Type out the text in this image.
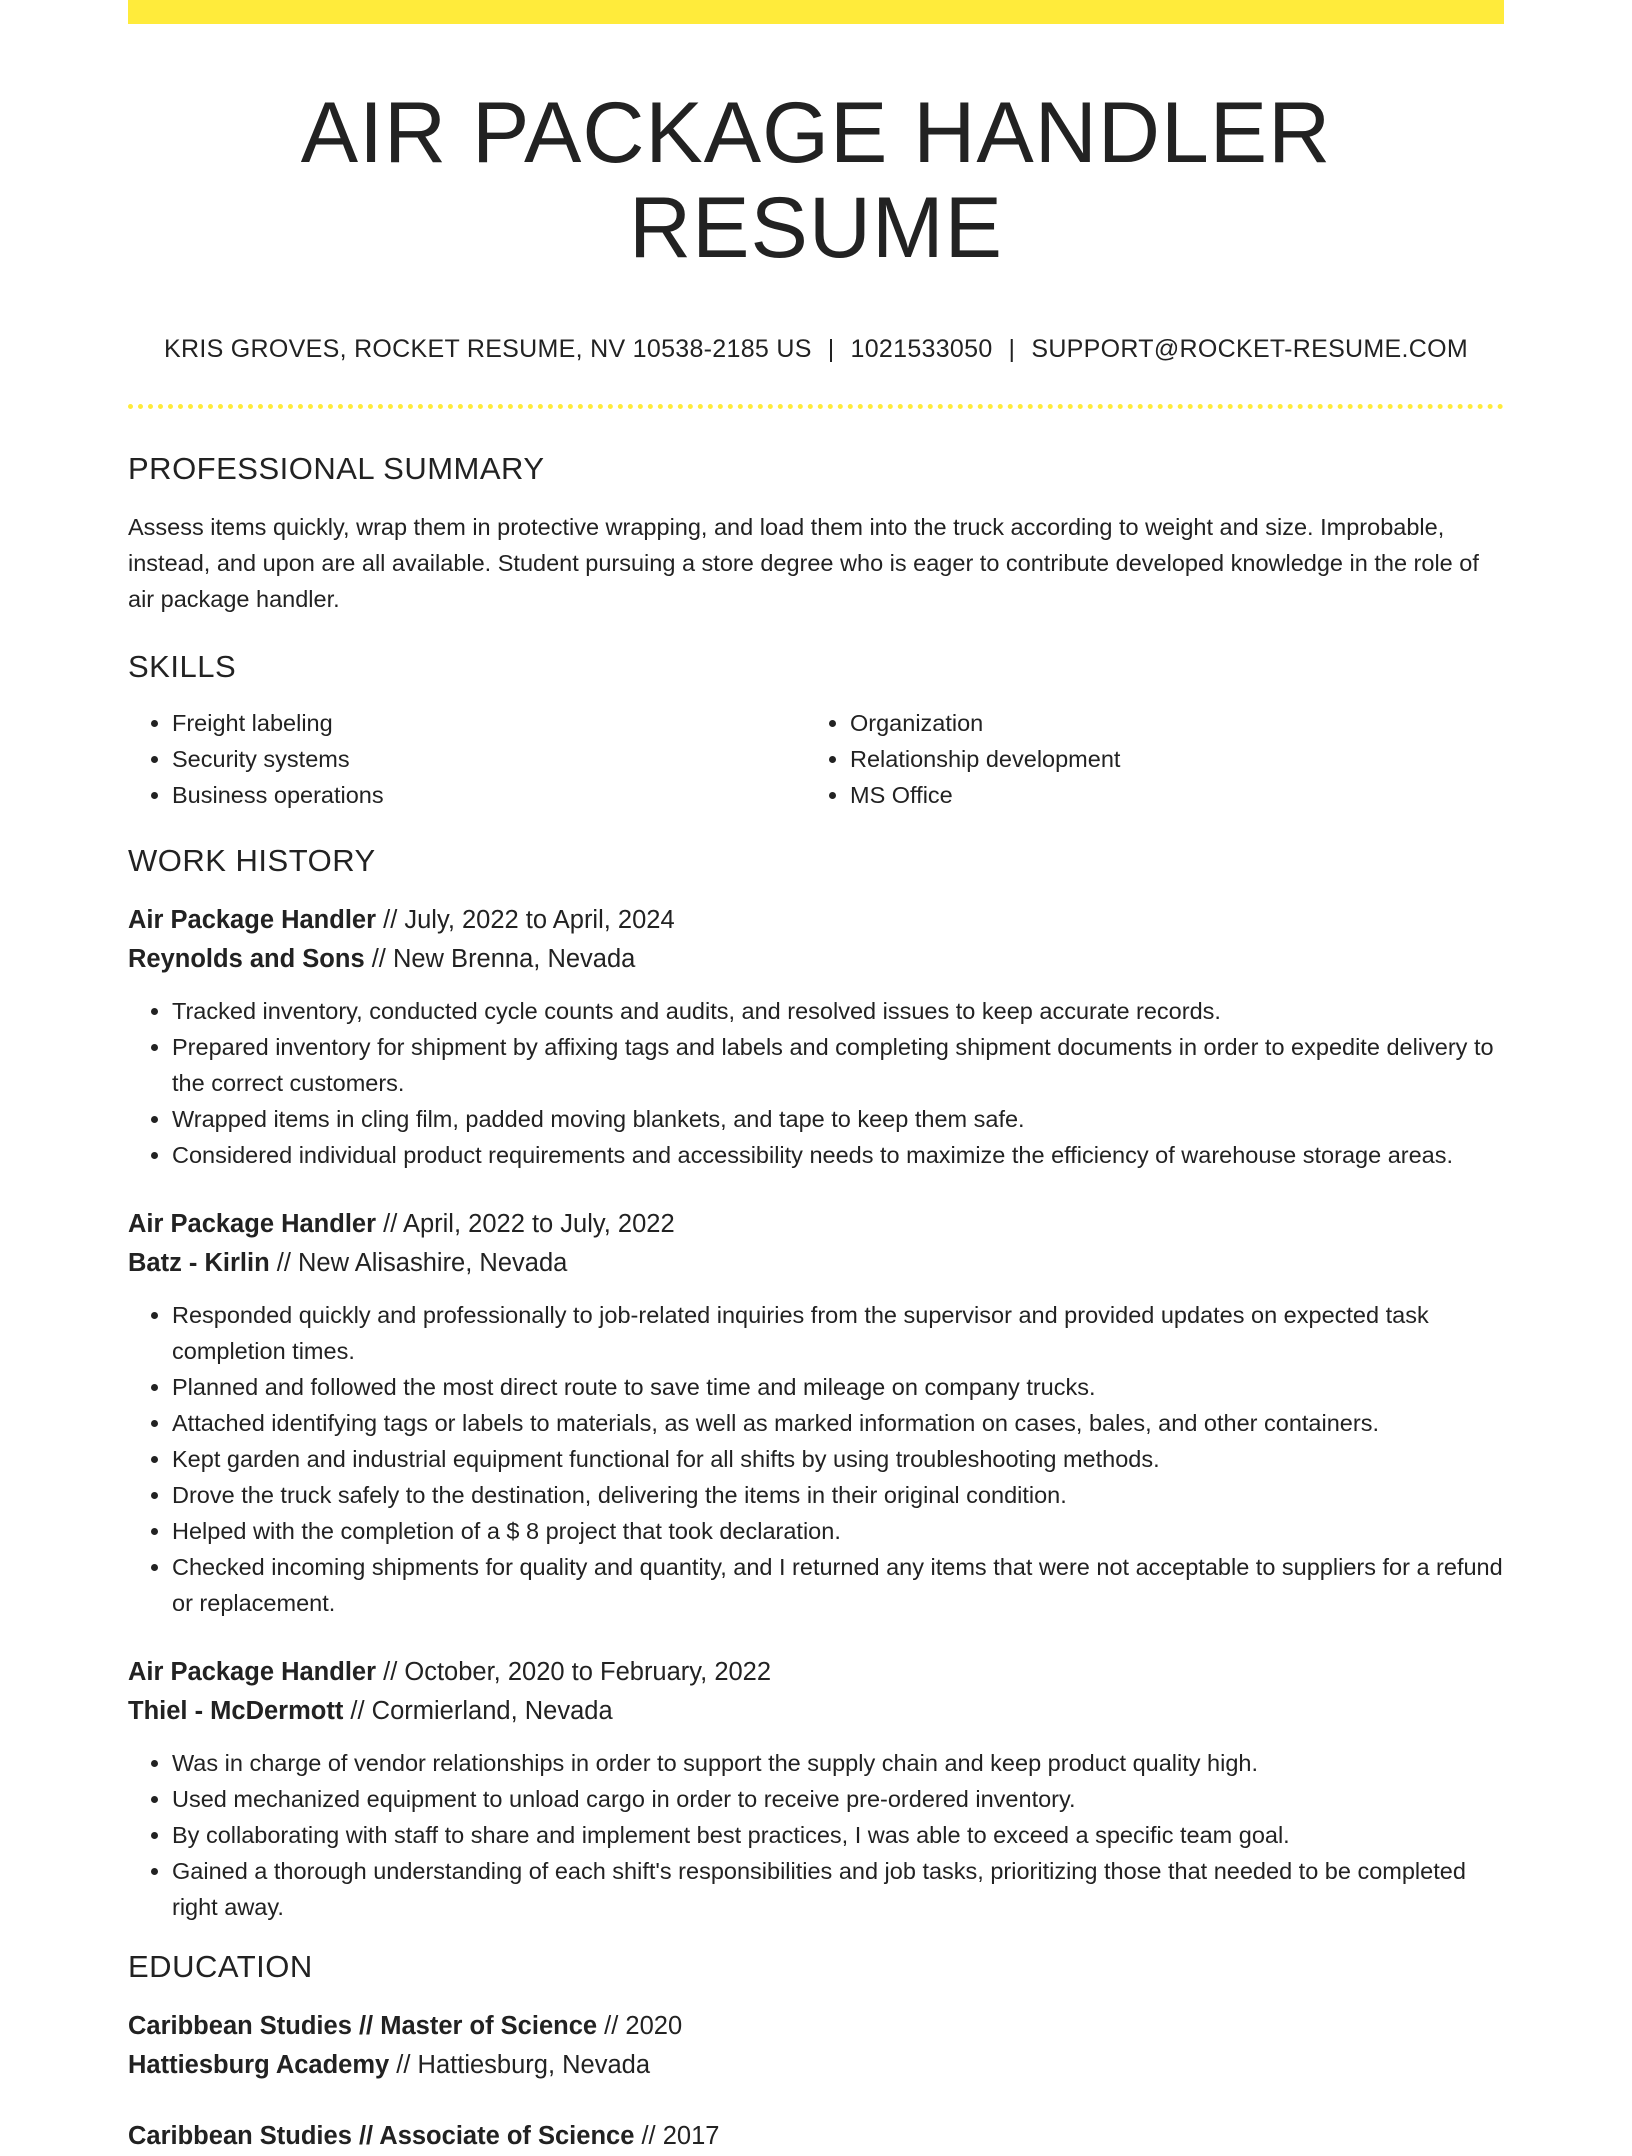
AIR PACKAGE HANDLER RESUME
KRIS GROVES, ROCKET RESUME, NV 10538-2185 US | 1021533050 | SUPPORT@ROCKET-RESUME.COM
PROFESSIONAL SUMMARY
Assess items quickly, wrap them in protective wrapping, and load them into the truck according to weight and size. Improbable, instead, and upon are all available. Student pursuing a store degree who is eager to contribute developed knowledge in the role of air package handler.
SKILLS
• Freight labeling
• Security systems
• Business operations
• Organization
• Relationship development
• MS Office
WORK HISTORY
Air Package Handler // July, 2022 to April, 2024
Reynolds and Sons // New Brenna, Nevada
• Tracked inventory, conducted cycle counts and audits, and resolved issues to keep accurate records.
• Prepared inventory for shipment by affixing tags and labels and completing shipment documents in order to expedite delivery to the correct customers.
• Wrapped items in cling film, padded moving blankets, and tape to keep them safe.
• Considered individual product requirements and accessibility needs to maximize the efficiency of warehouse storage areas.
Air Package Handler // April, 2022 to July, 2022
Batz - Kirlin // New Alisashire, Nevada
• Responded quickly and professionally to job-related inquiries from the supervisor and provided updates on expected task completion times.
• Planned and followed the most direct route to save time and mileage on company trucks.
• Attached identifying tags or labels to materials, as well as marked information on cases, bales, and other containers.
• Kept garden and industrial equipment functional for all shifts by using troubleshooting methods.
• Drove the truck safely to the destination, delivering the items in their original condition.
• Helped with the completion of a $ 8 project that took declaration.
• Checked incoming shipments for quality and quantity, and I returned any items that were not acceptable to suppliers for a refund or replacement.
Air Package Handler // October, 2020 to February, 2022
Thiel - McDermott // Cormierland, Nevada
• Was in charge of vendor relationships in order to support the supply chain and keep product quality high.
• Used mechanized equipment to unload cargo in order to receive pre-ordered inventory.
• By collaborating with staff to share and implement best practices, I was able to exceed a specific team goal.
• Gained a thorough understanding of each shift's responsibilities and job tasks, prioritizing those that needed to be completed right away.
EDUCATION
Caribbean Studies // Master of Science // 2020
Hattiesburg Academy // Hattiesburg, Nevada
Caribbean Studies // Associate of Science // 2017
